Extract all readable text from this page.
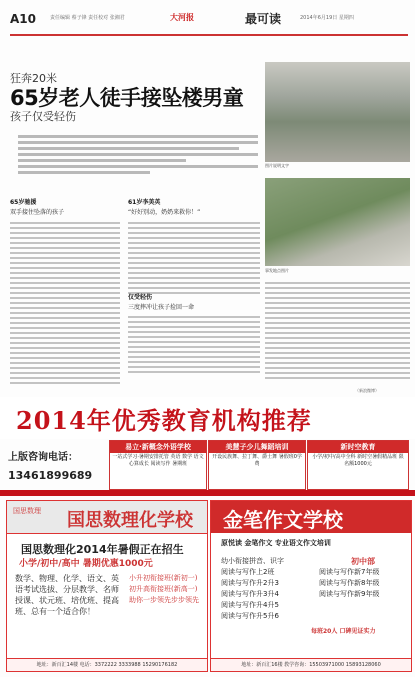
A10	责任编辑 蔡子锋 责任校对 张湘君	大河报	最可读	2014年6月19日 星期四
狂奔20米
65岁老人徒手接坠楼男童
孩子仅受轻伤
图片说明文字
事发地点图片
65岁驰援
双手接住坠落的孩子
61岁李美英
“好好别动，奶奶来救你！”
仅受轻伤
三度摔冲让孩子捡回一命
（新浪微博）
2014年优秀教育机构推荐
上版咨询电话：
13461899689
易立·新概念外语学校
一站式学习·暑期安排托管 英语 数学 语文 心算成长 阅读写作 暑期班
美慧子少儿舞蹈培训
开设民族舞、拉丁舞、爵士舞 暑假班0学费
新时空教育
小学/初中/高中全科 新时空暑假精品班 限名额1000元
国思数理 国思数理化学校
国思数理化2014年暑假正在招生
小学/初中/高中 暑期优惠1000元
数学、物理、化学、语文、英语考试选拔、分层教学、名师授课、状元班、培优班、提高班、总有一个适合你！
小升初衔接班(新初一) 初升高衔接班(新高一) 助你一步领先步步领先
地址：新百汇14楼 电话：3372222 3333988 15290176182
金笔作文学校
原悦读 金笔作文 专业语文作文培训
幼小衔接拼音、识字
阅读与写作上2班
阅读与写作升2升3
阅读与写作升3升4
阅读与写作升4升5
阅读与写作升5升6
初中部
阅读与写作新7年级
阅读与写作新8年级
阅读与写作新9年级
每班20人 口碑见证实力
地址：新百汇16楼 教学咨询：15503971000 15893128060
